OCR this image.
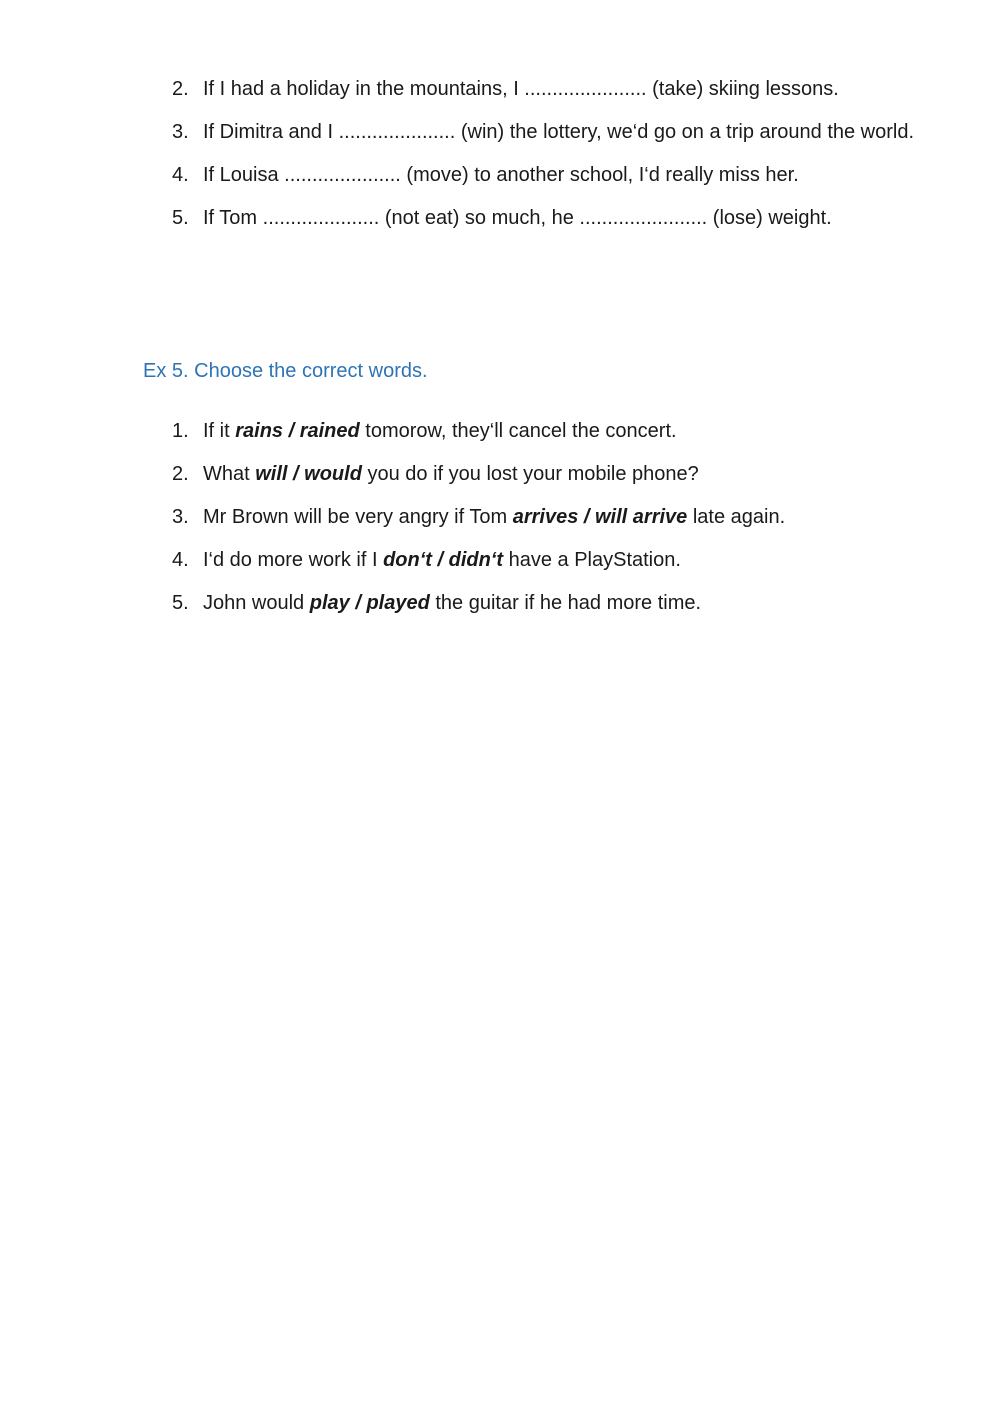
2. If I had a holiday in the mountains, I ...................... (take) skiing lessons.
3. If Dimitra and I ..................... (win) the lottery, we‘d go on a trip around the world.
4. If Louisa ..................... (move) to another school, I‘d really miss her.
5. If Tom ..................... (not eat) so much, he ....................... (lose) weight.
Ex 5. Choose the correct words.
1. If it rains / rained tomorow, they‘ll cancel the concert.
2. What will / would you do if you lost your mobile phone?
3. Mr Brown will be very angry if Tom arrives / will arrive late again.
4. I‘d do more work if I don‘t / didn‘t have a PlayStation.
5. John would play / played the guitar if he had more time.
